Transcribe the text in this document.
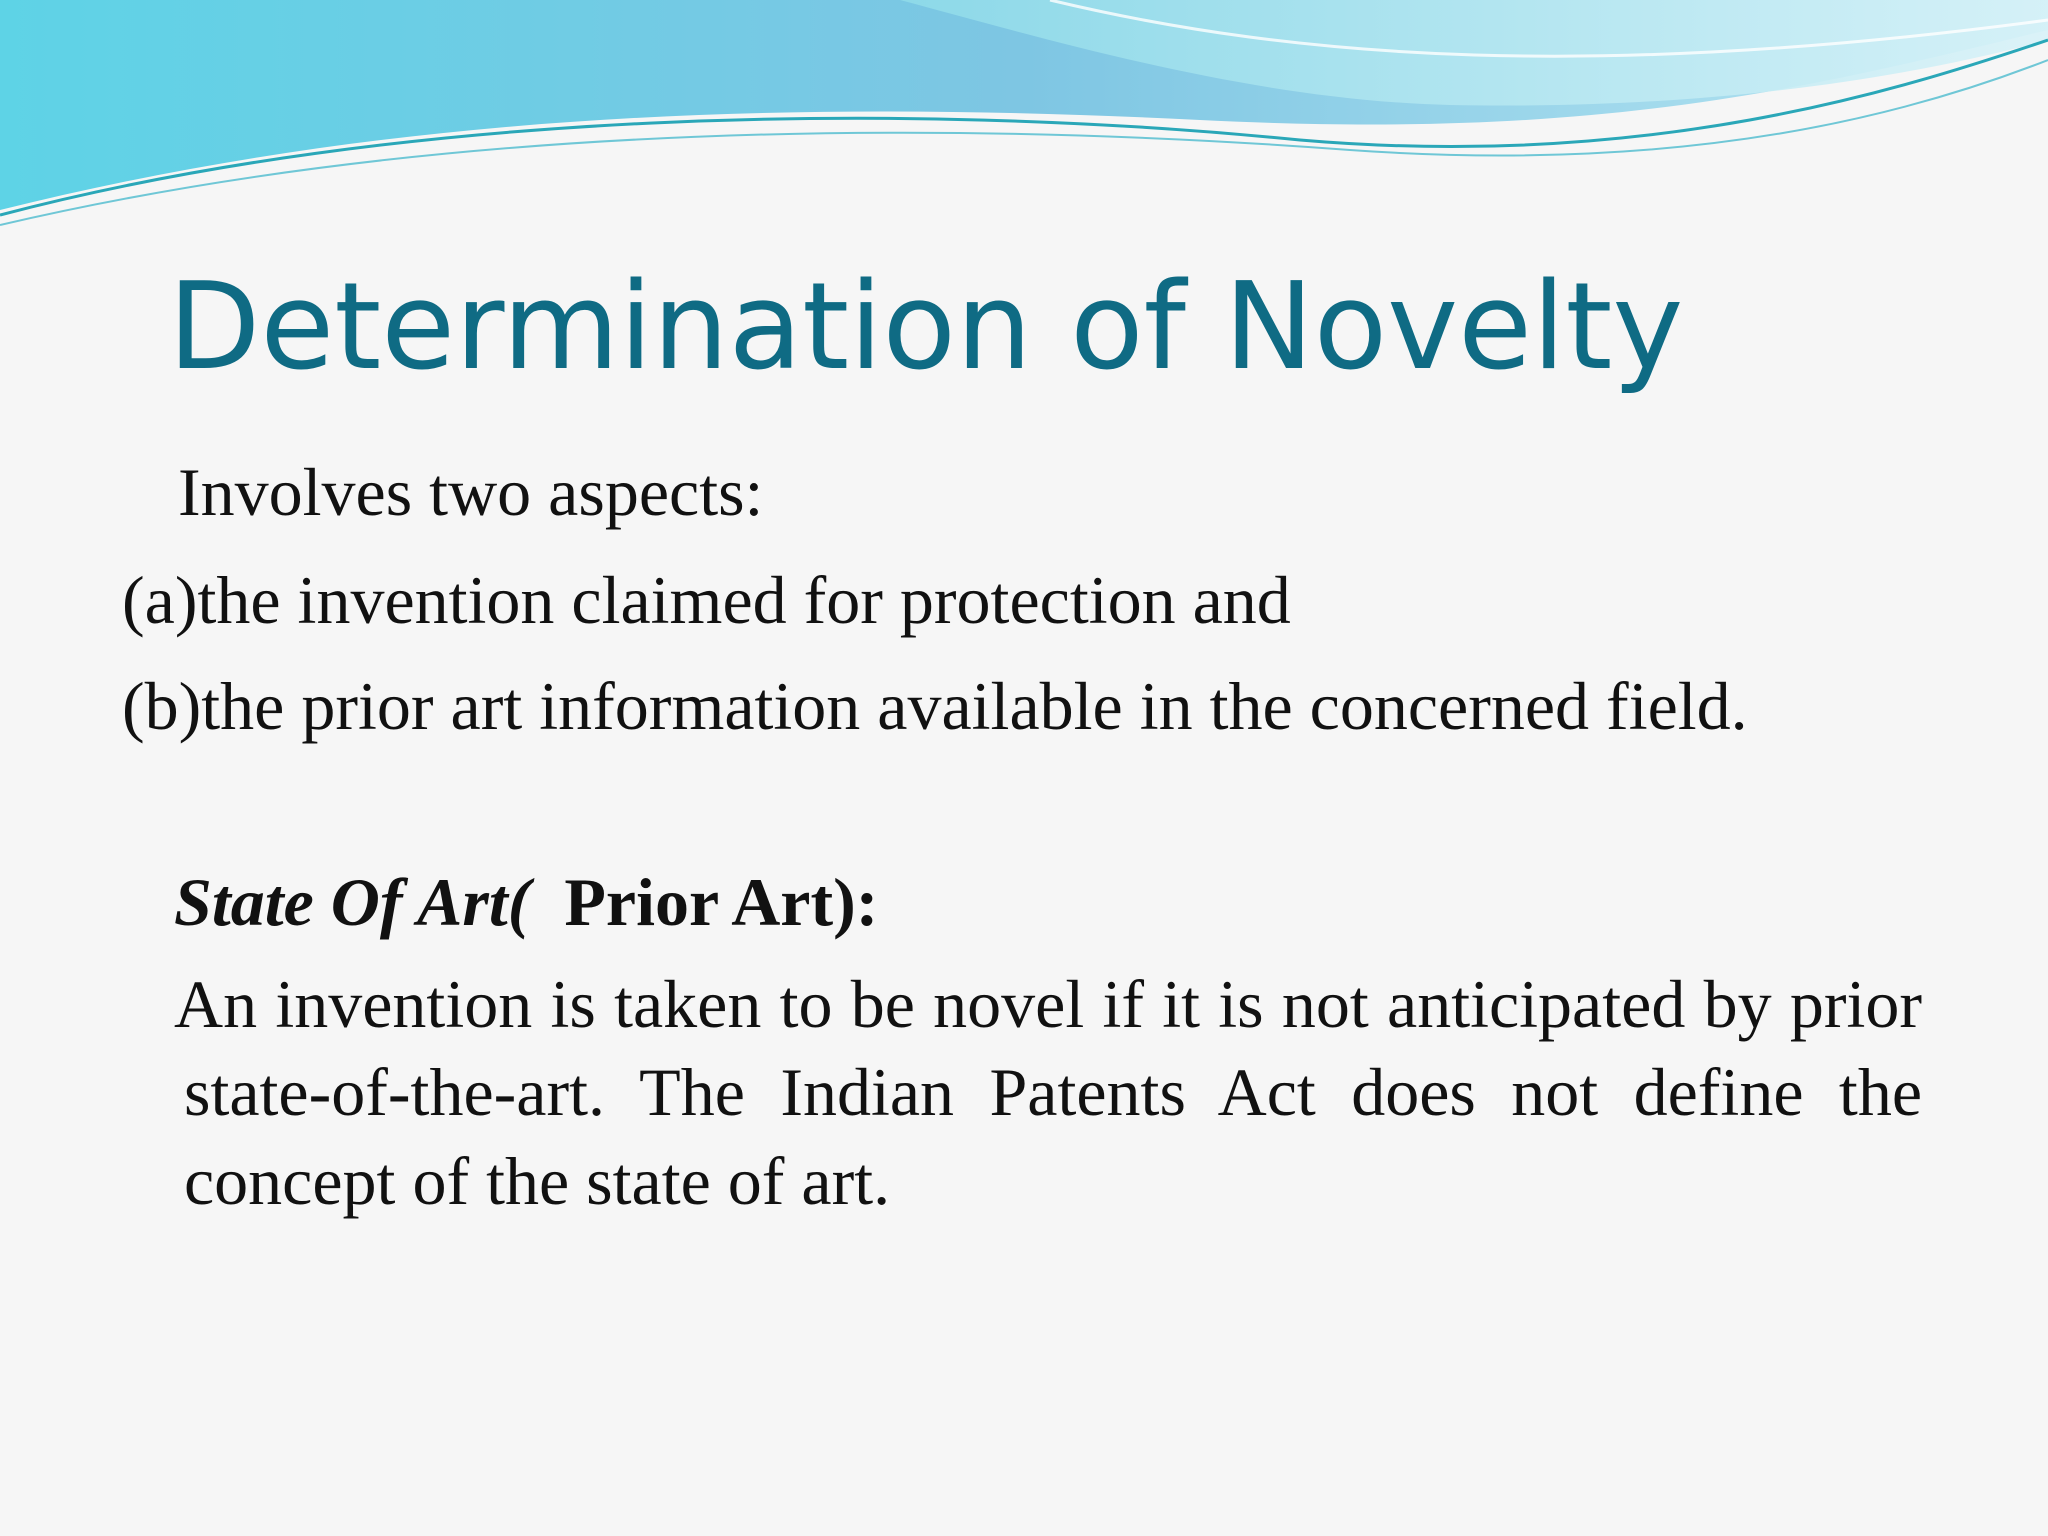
Determination of Novelty
Involves two aspects:
(a)the invention claimed for protection and
(b)the prior art information available in the concerned field.
State Of Art(  Prior Art):
An invention is taken to be novel if it is not anticipated by prior state-of-the-art. The Indian Patents Act does not define the concept of the state of art.
